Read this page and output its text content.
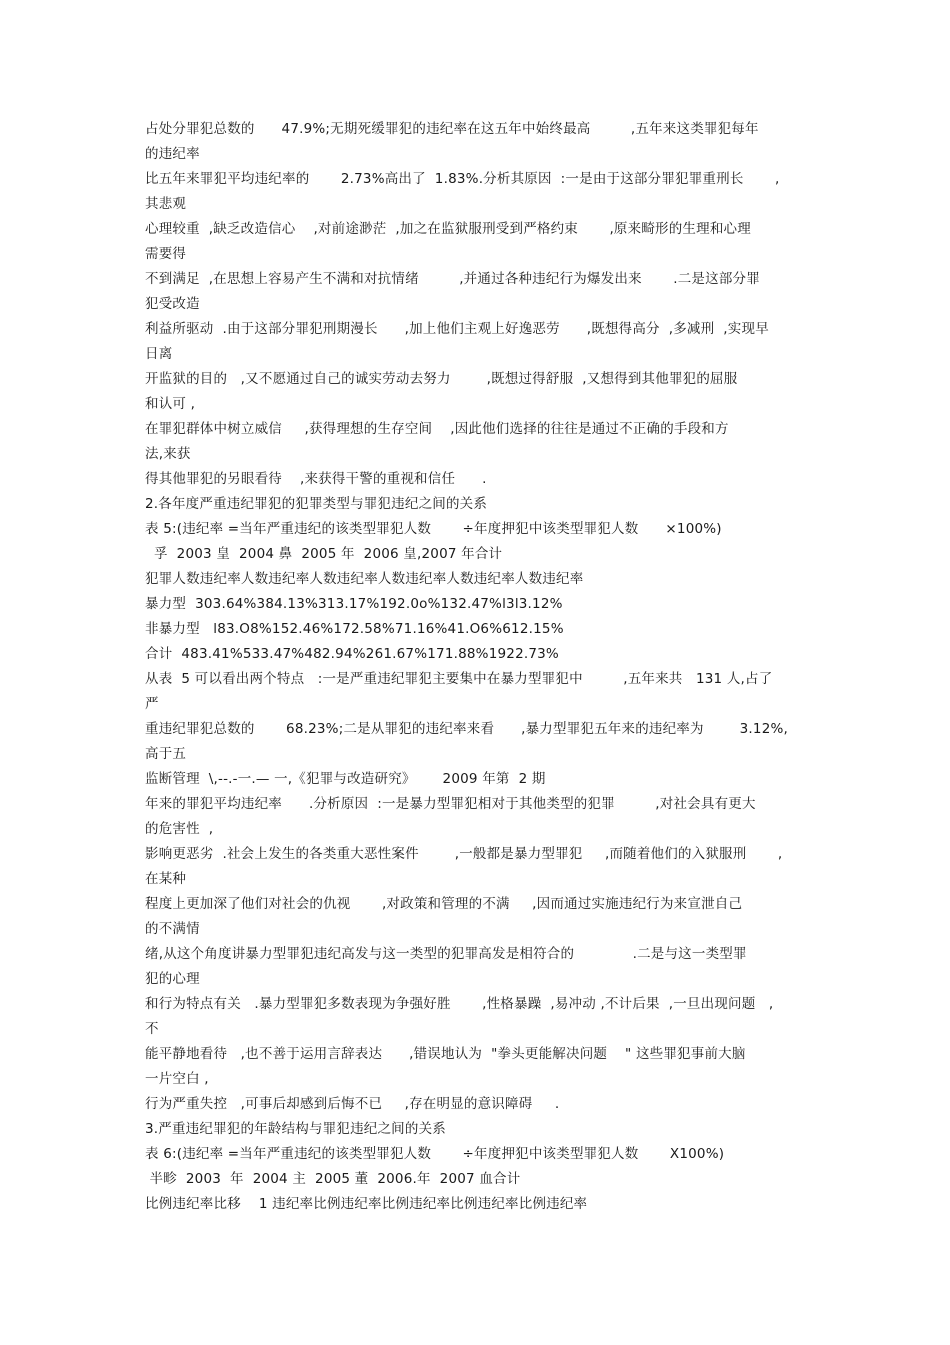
占处分罪犯总数的      47.9%;无期死缓罪犯的违纪率在这五年中始终最高         ,五年来这类罪犯每年
的违纪率
比五年来罪犯平均违纪率的       2.73%高出了  1.83%.分析其原因  :一是由于这部分罪犯罪重刑长       ,
其悲观
心理较重  ,缺乏改造信心    ,对前途渺茫  ,加之在监狱服刑受到严格约束       ,原来畸形的生理和心理
需要得
不到满足  ,在思想上容易产生不满和对抗情绪         ,并通过各种违纪行为爆发出来       .二是这部分罪
犯受改造
利益所驱动  .由于这部分罪犯刑期漫长      ,加上他们主观上好逸恶劳      ,既想得高分  ,多减刑  ,实现早
日离
开监狱的目的   ,又不愿通过自己的诚实劳动去努力        ,既想过得舒服  ,又想得到其他罪犯的屈服
和认可 ,
在罪犯群体中树立威信     ,获得理想的生存空间    ,因此他们选择的往往是通过不正确的手段和方
法,来获
得其他罪犯的另眼看待    ,来获得干警的重视和信任      .
2.各年度严重违纪罪犯的犯罪类型与罪犯违纪之间的关系
表 5:(违纪率 =当年严重违纪的该类型罪犯人数       ÷年度押犯中该类型罪犯人数      ×100%)
孚  2003 皇  2004 鼻  2005 年  2006 皇,2007 年合计
犯罪人数违纪率人数违纪率人数违纪率人数违纪率人数违纪率人数违纪率
暴力型  303.64%384.13%313.17%192.0o%132.47%l3l3.12%
非暴力型   l83.O8%152.46%172.58%71.16%41.O6%612.15%
合计  483.41%533.47%482.94%261.67%171.88%1922.73%
从表  5 可以看出两个特点   :一是严重违纪罪犯主要集中在暴力型罪犯中         ,五年来共   131 人,占了
严
重违纪罪犯总数的       68.23%;二是从罪犯的违纪率来看      ,暴力型罪犯五年来的违纪率为        3.12%,
高于五
监断管理  \,--.-一.— 一,《犯罪与改造研究》      2009 年第  2 期
年来的罪犯平均违纪率      .分析原因  :一是暴力型罪犯相对于其他类型的犯罪         ,对社会具有更大
的危害性  ,
影响更恶劣  .社会上发生的各类重大恶性案件        ,一般都是暴力型罪犯     ,而随着他们的入狱服刑       ,
在某种
程度上更加深了他们对社会的仇视       ,对政策和管理的不满     ,因而通过实施违纪行为来宣泄自己
的不满情
绪,从这个角度讲暴力型罪犯违纪高发与这一类型的犯罪高发是相符合的             .二是与这一类型罪
犯的心理
和行为特点有关   .暴力型罪犯多数表现为争强好胜       ,性格暴躁  ,易冲动 ,不计后果  ,一旦出现问题   ,
不
能平静地看待   ,也不善于运用言辞表达      ,错误地认为  "拳头更能解决问题    " 这些罪犯事前大脑
一片空白 ,
行为严重失控   ,可事后却感到后悔不已     ,存在明显的意识障碍     .
3.严重违纪罪犯的年龄结构与罪犯违纪之间的关系
表 6:(违纪率 =当年严重违纪的该类型罪犯人数       ÷年度押犯中该类型罪犯人数       X100%)
半畛  2003  年  2004 主  2005 董  2006.年  2007 血合计
比例违纪率比移    1 违纪率比例违纪率比例违纪率比例违纪率比例违纪率
